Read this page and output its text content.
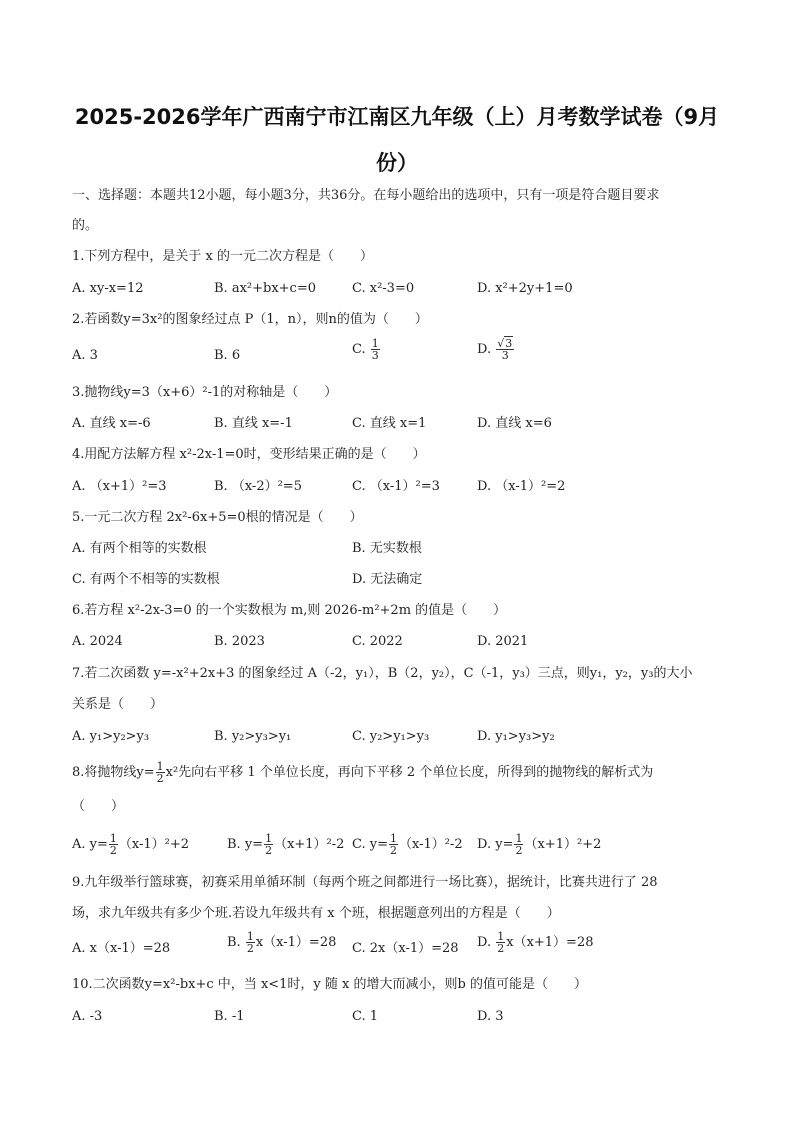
2025-2026学年广西南宁市江南区九年级（上）月考数学试卷（9月
份）
一、选择题：本题共12小题，每小题3分，共36分。在每小题给出的选项中，只有一项是符合题目要求
的。
1.下列方程中，是关于 x 的一元二次方程是（　　）
A. xy-x=12	B. ax²+bx+c=0	C. x²-3=0	D. x²+2y+1=0
2.若函数y=3x²的图象经过点 P（1，n），则n的值为（　　）
A. 3	B. 6	C. $\frac{1}{3}$	D. $\frac{√3}{3}$
3.抛物线y=3（x+6）²-1的对称轴是（　　）
A. 直线 x=-6	B. 直线 x=-1	C. 直线 x=1	D. 直线 x=6
4.用配方法解方程 x²-2x-1=0时，变形结果正确的是（　　）
A. （x+1）²=3	B. （x-2）²=5	C. （x-1）²=3	D. （x-1）²=2
5.一元二次方程 2x²-6x+5=0根的情况是（　　）
A. 有两个相等的实数根	B. 无实数根
C. 有两个不相等的实数根	D. 无法确定
6.若方程 x²-2x-3=0 的一个实数根为 m,则 2026-m²+2m 的值是（　　）
A. 2024	B. 2023	C. 2022	D. 2021
7.若二次函数 y=-x²+2x+3 的图象经过 A（-2，y₁），B（2，y₂），C（-1，y₃）三点，则y₁，y₂，y₃的大小
关系是（　　）
A. y₁>y₂>y₃	B. y₂>y₃>y₁	C. y₂>y₁>y₃	D. y₁>y₃>y₂
8.将抛物线$y= \frac{1}{2} x^2$先向右平移 1 个单位长度，再向下平移 2 个单位长度，所得到的抛物线的解析式为
（　　）
A. $y= \frac{1}{2} (x-1)^2+2$	B. $y= \frac{1}{2} (x+1)^2-2$ C. $y= \frac{1}{2} (x-1)^2-2$ D. $y= \frac{1}{2} (x+1)^2+2$
9.九年级举行篮球赛，初赛采用单循环制（每两个班之间都进行一场比赛），据统计，比赛共进行了 28
场，求九年级共有多少个班.若设九年级共有 x 个班，根据题意列出的方程是（　　）
A. x（x-1）=28	B. $\frac{1}{2} x(x-1)=28$ C. 2x（x-1）=28 D. $\frac{1}{2} x(x+1)=28$
10.二次函数y=x²-bx+c 中，当 x<1时，y 随 x 的增大而减小，则b 的值可能是（　　）
A. -3	B. -1	C. 1	D. 3
